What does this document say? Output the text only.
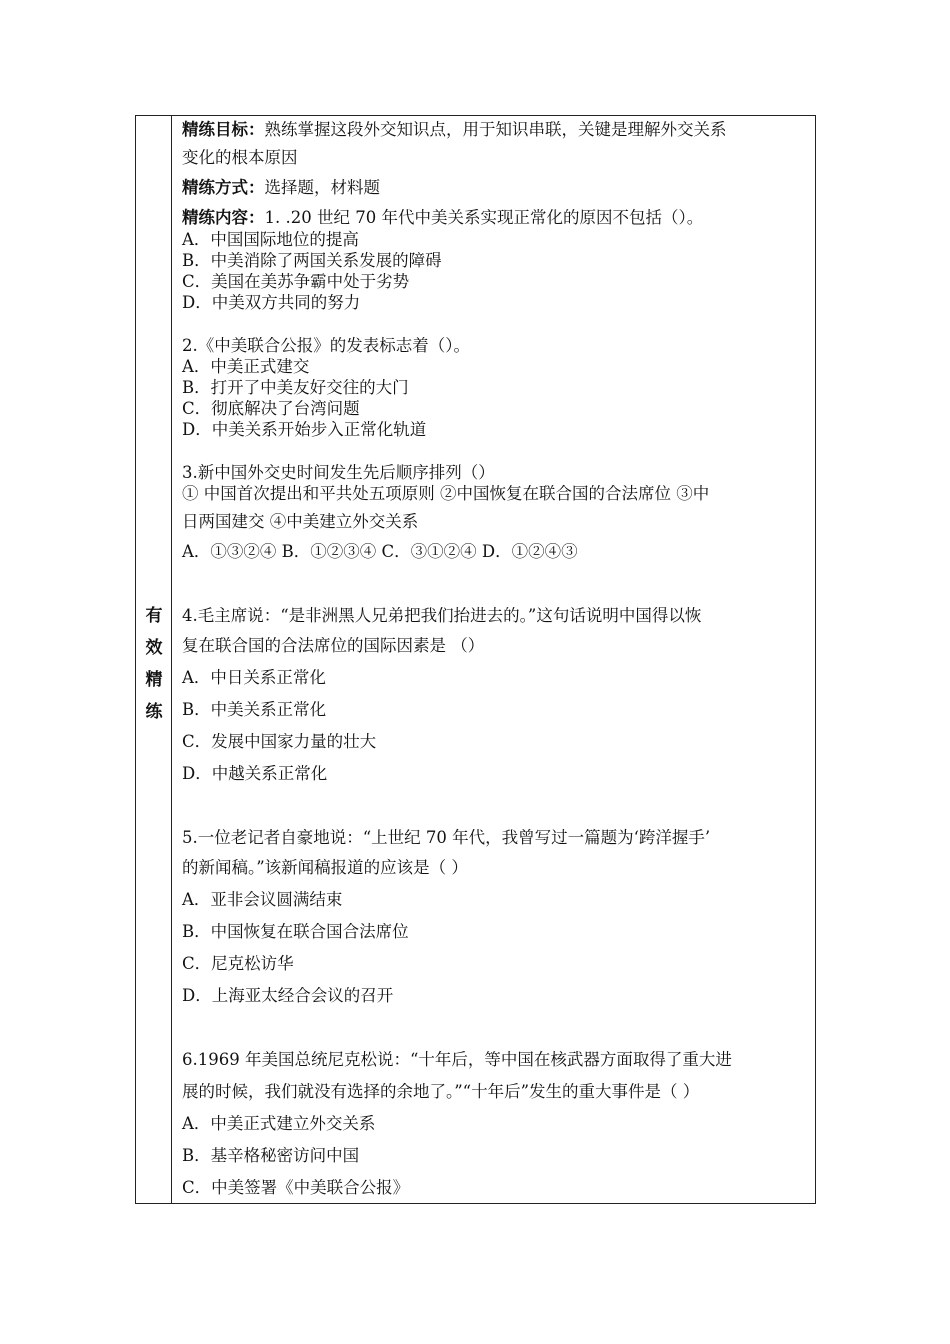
有
效
精
练
精练目标：熟练掌握这段外交知识点，用于知识串联，关键是理解外交关系
变化的根本原因
精练方式：选择题，材料题
精练内容：1. .20 世纪 70 年代中美关系实现正常化的原因不包括（）。
A．中国国际地位的提高
B．中美消除了两国关系发展的障碍
C．美国在美苏争霸中处于劣势
D．中美双方共同的努力
2.《中美联合公报》的发表标志着（）。
A．中美正式建交
B．打开了中美友好交往的大门
C．彻底解决了台湾问题
D．中美关系开始步入正常化轨道
3.新中国外交史时间发生先后顺序排列（）
① 中国首次提出和平共处五项原则 ②中国恢复在联合国的合法席位 ③中
日两国建交 ④中美建立外交关系
A．①③②④ B．①②③④ C．③①②④ D．①②④③
4.毛主席说：“是非洲黑人兄弟把我们抬进去的。”这句话说明中国得以恢
复在联合国的合法席位的国际因素是 （）
A．中日关系正常化
B．中美关系正常化
C．发展中国家力量的壮大
D．中越关系正常化
5.一位老记者自豪地说：“上世纪 70 年代，我曾写过一篇题为‘跨洋握手’
的新闻稿。”该新闻稿报道的应该是（ ）
A．亚非会议圆满结束
B．中国恢复在联合国合法席位
C．尼克松访华
D．上海亚太经合会议的召开
6.1969 年美国总统尼克松说：“十年后，等中国在核武器方面取得了重大进
展的时候，我们就没有选择的余地了。”“十年后”发生的重大事件是（ ）
A．中美正式建立外交关系
B．基辛格秘密访问中国
C．中美签署《中美联合公报》
